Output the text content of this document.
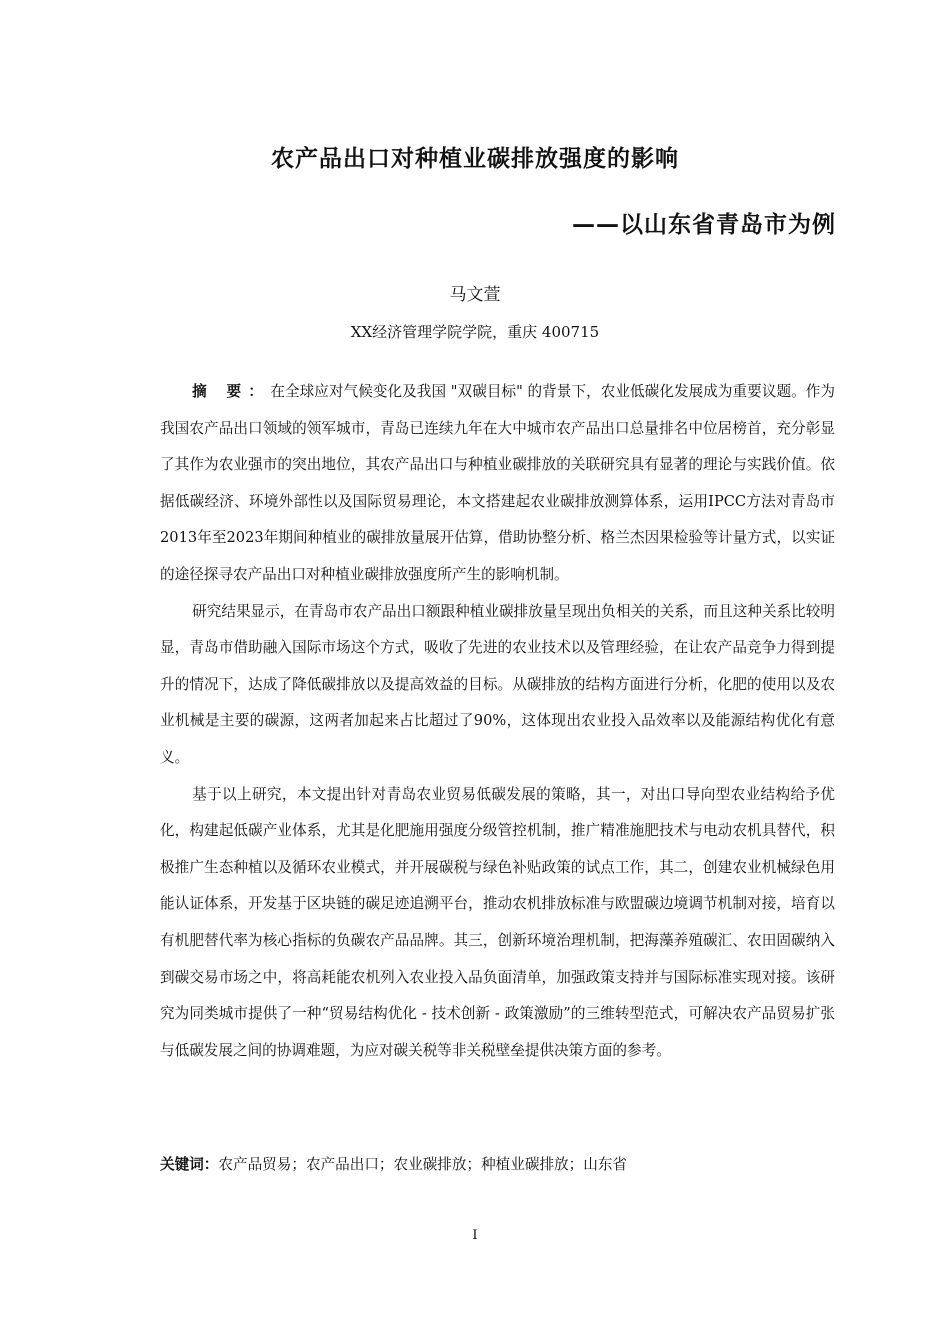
农产品出口对种植业碳排放强度的影响
——以山东省青岛市为例
马文萱
XX经济管理学院学院，重庆 400715

摘 要：在全球应对气候变化及我国 "双碳目标" 的背景下，农业低碳化发展成为重要议题。作为我国农产品出口领域的领军城市，青岛已连续九年在大中城市农产品出口总量排名中位居榜首，充分彰显了其作为农业强市的突出地位，其农产品出口与种植业碳排放的关联研究具有显著的理论与实践价值。依据低碳经济、环境外部性以及国际贸易理论，本文搭建起农业碳排放测算体系，运用IPCC方法对青岛市2013年至2023年期间种植业的碳排放量展开估算，借助协整分析、格兰杰因果检验等计量方式，以实证的途径探寻农产品出口对种植业碳排放强度所产生的影响机制。

研究结果显示，在青岛市农产品出口额跟种植业碳排放量呈现出负相关的关系，而且这种关系比较明显，青岛市借助融入国际市场这个方式，吸收了先进的农业技术以及管理经验，在让农产品竞争力得到提升的情况下，达成了降低碳排放以及提高效益的目标。从碳排放的结构方面进行分析，化肥的使用以及农业机械是主要的碳源，这两者加起来占比超过了90%，这体现出农业投入品效率以及能源结构优化有意义。

基于以上研究，本文提出针对青岛农业贸易低碳发展的策略，其一，对出口导向型农业结构给予优化，构建起低碳产业体系，尤其是化肥施用强度分级管控机制，推广精准施肥技术与电动农机具替代，积极推广生态种植以及循环农业模式，并开展碳税与绿色补贴政策的试点工作，其二，创建农业机械绿色用能认证体系，开发基于区块链的碳足迹追溯平台，推动农机排放标准与欧盟碳边境调节机制对接，培育以有机肥替代率为核心指标的负碳农产品品牌。其三，创新环境治理机制，把海藻养殖碳汇、农田固碳纳入到碳交易市场之中，将高耗能农机列入农业投入品负面清单，加强政策支持并与国际标准实现对接。该研究为同类城市提供了一种“贸易结构优化 - 技术创新 - 政策激励”的三维转型范式，可解决农产品贸易扩张与低碳发展之间的协调难题，为应对碳关税等非关税壁垒提供决策方面的参考。

关键词：农产品贸易；农产品出口；农业碳排放；种植业碳排放；山东省
I
